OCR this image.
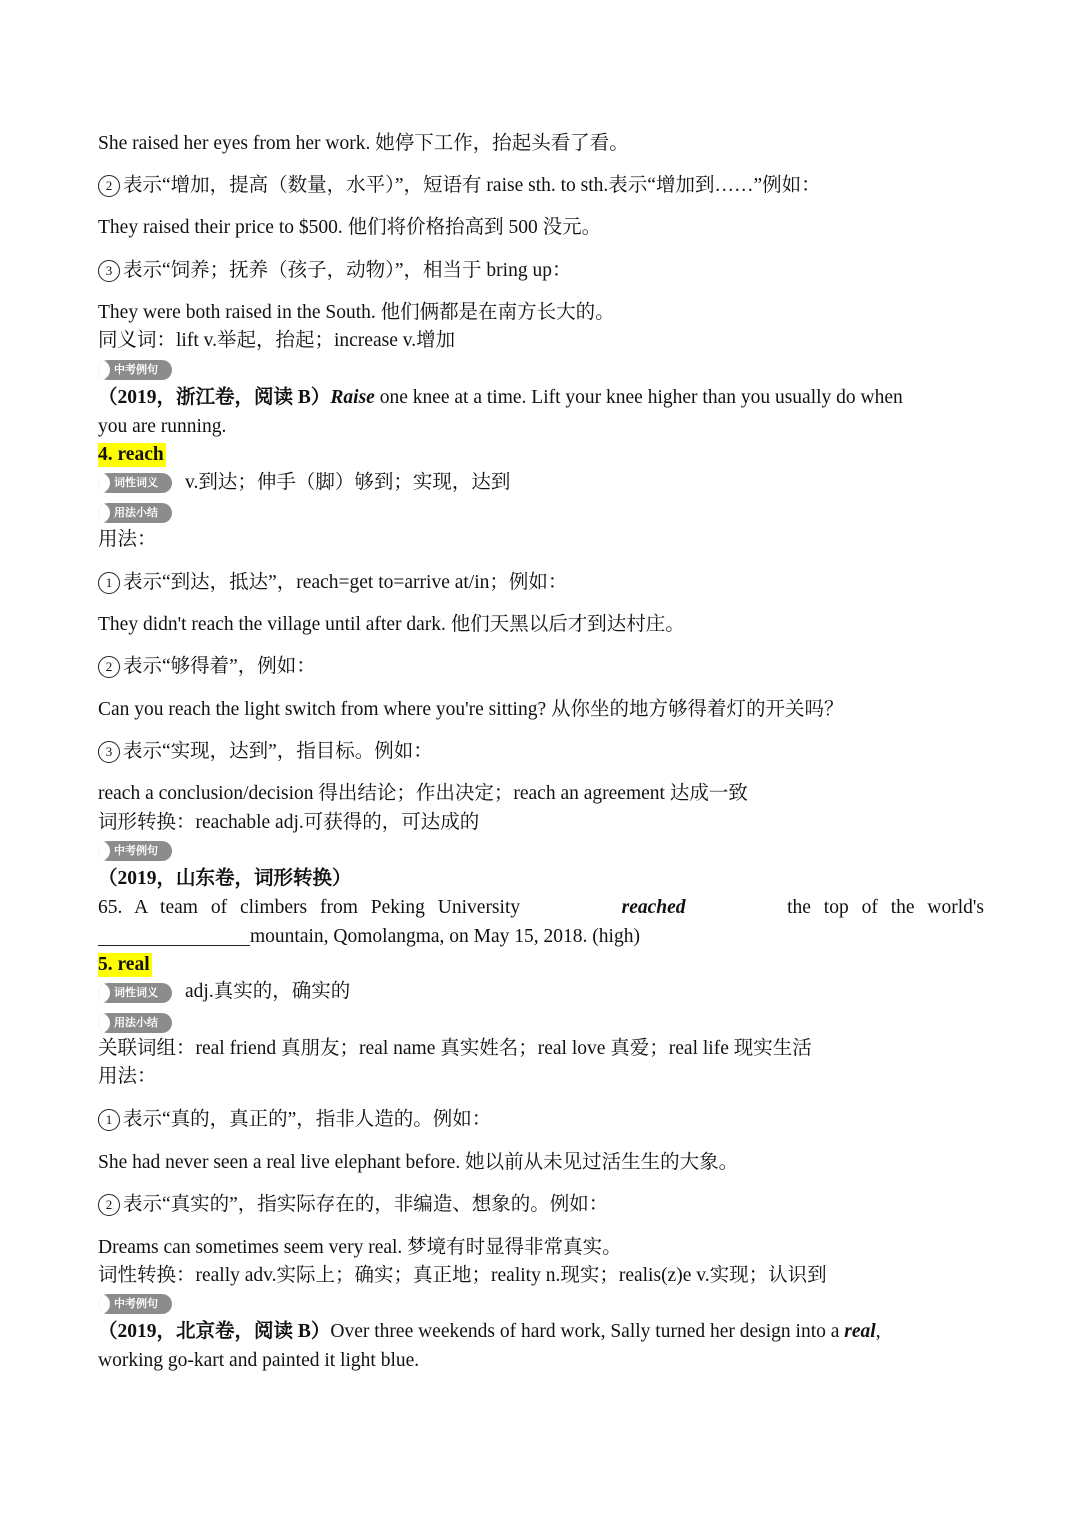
She raised her eyes from her work. 她停下工作，抬起头看了看。
2 表示“增加，提高（数量，水平）”，短语有 raise sth. to sth.表示“增加到……”例如：
They raised their price to $500. 他们将价格抬高到 500 没元。
3 表示“饲养；抚养（孩子，动物）”，相当于 bring up：
They were both raised in the South. 他们俩都是在南方长大的。
同义词：lift v.举起，抬起；increase v.增加
中考例句
（2019，浙江卷，阅读 B）Raise one knee at a time. Lift your knee higher than you usually do when
you are running.
4. reach
词性词义 v.到达；伸手（脚）够到；实现，达到
用法小结
用法：
1 表示“到达，抵达”，reach=get to=arrive at/in；例如：
They didn't reach the village until after dark. 他们天黑以后才到达村庄。
2 表示“够得着”，例如：
Can you reach the light switch from where you're sitting? 从你坐的地方够得着灯的开关吗？
3 表示“实现，达到”，指目标。例如：
reach a conclusion/decision 得出结论；作出决定；reach an agreement 达成一致
词形转换：reachable adj.可获得的，可达成的
中考例句
（2019，山东卷，词形转换）
65. A team of climbers from Peking University	reached	the top of the world's
mountain, Qomolangma, on May 15, 2018. (high)
5. real
词性词义 adj.真实的，确实的
用法小结
关联词组：real friend 真朋友；real name 真实姓名；real love 真爱；real life 现实生活
用法：
1 表示“真的，真正的”，指非人造的。例如：
She had never seen a real live elephant before. 她以前从未见过活生生的大象。
2 表示“真实的”，指实际存在的，非编造、想象的。例如：
Dreams can sometimes seem very real. 梦境有时显得非常真实。
词性转换：really adv.实际上；确实；真正地；reality n.现实；realis(z)e v.实现；认识到
中考例句
（2019，北京卷，阅读 B）Over three weekends of hard work, Sally turned her design into a real,
working go-kart and painted it light blue.
